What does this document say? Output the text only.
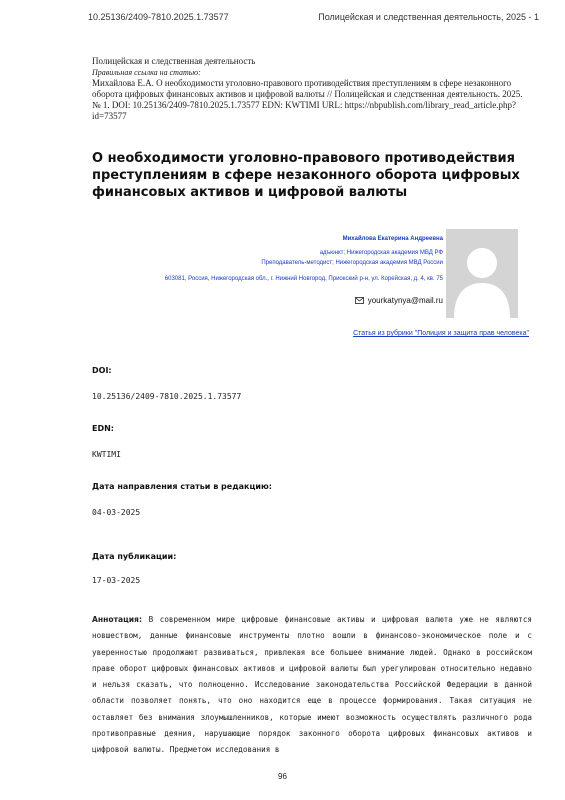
10.25136/2409-7810.2025.1.73577	Полицейская и следственная деятельность, 2025 - 1
Полицейская и следственная деятельность
Правильная ссылка на статью:
Михайлова Е.А. О необходимости уголовно-правового противодействия преступлениям в сфере незаконного оборота цифровых финансовых активов и цифровой валюты // Полицейская и следственная деятельность. 2025. № 1. DOI: 10.25136/2409-7810.2025.1.73577 EDN: KWTIMI URL: https://nbpublish.com/library_read_article.php?id=73577
О необходимости уголовно-правового противодействия преступлениям в сфере незаконного оборота цифровых финансовых активов и цифровой валюты
Михайлова Екатерина Андреевна
адъюнкт; Нижегородская академия МВД РФ
Преподаватель-методист; Нижегородская академия МВД России
603081, Россия, Нижегородская обл., г. Нижний Новгород, Приокский р-н, ул. Корейская, д. 4, кв. 75
yourkatynya@mail.ru
Статья из рубрики "Полиция и защита прав человека"
DOI:
10.25136/2409-7810.2025.1.73577
EDN:
KWTIMI
Дата направления статьи в редакцию:
04-03-2025
Дата публикации:
17-03-2025
Аннотация: В современном мире цифровые финансовые активы и цифровая валюта уже не являются новшеством, данные финансовые инструменты плотно вошли в финансово-экономическое поле и с уверенностью продолжают развиваться, привлекая все большее внимание людей. Однако в российском праве оборот цифровых финансовых активов и цифровой валюты был урегулирован относительно недавно и нельзя сказать, что полноценно. Исследование законодательства Российской Федерации в данной области позволяет понять, что оно находится еще в процессе формирования. Такая ситуация не оставляет без внимания злоумышленников, которые имеют возможность осуществлять различного рода противоправные деяния, нарушающие порядок законного оборота цифровых финансовых активов и цифровой валюты. Предметом исследования в
96
